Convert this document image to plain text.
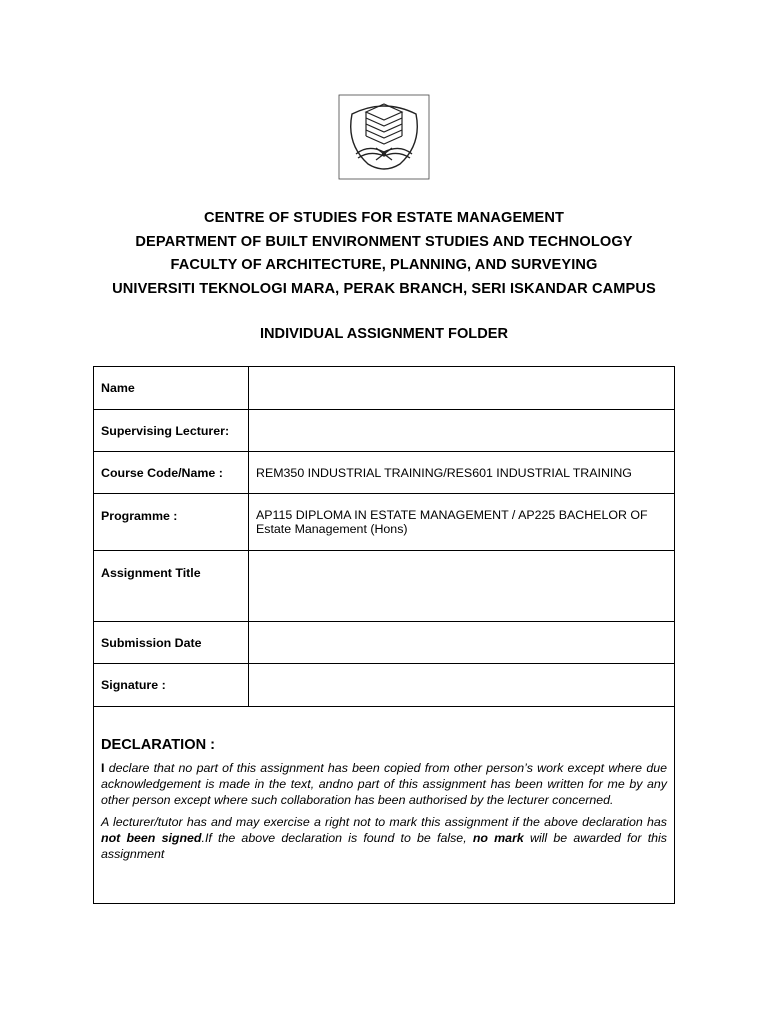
CENTRE OF STUDIES FOR ESTATE MANAGEMENT
DEPARTMENT OF BUILT ENVIRONMENT STUDIES AND TECHNOLOGY
FACULTY OF ARCHITECTURE, PLANNING, AND SURVEYING
UNIVERSITI TEKNOLOGI MARA, PERAK BRANCH, SERI ISKANDAR CAMPUS
INDIVIDUAL ASSIGNMENT FOLDER
Name	
Supervising Lecturer:	
Course Code/Name :	REM350 INDUSTRIAL TRAINING/RES601 INDUSTRIAL TRAINING
Programme :	AP115 DIPLOMA IN ESTATE MANAGEMENT / AP225 BACHELOR OF
Estate Management (Hons)

Assignment Title	
Submission Date	
Signature :	

DECLARATION :

I declare that no part of this assignment has been copied from other person’s work except where due acknowledgement is made in the text, andno part of this assignment has been written for me by any other person except where such collaboration has been authorised by the lecturer concerned.

A lecturer/tutor has and may exercise a right not to mark this assignment if the above declaration has not been signed.If the above declaration is found to be false, no mark will be awarded for this assignment	
